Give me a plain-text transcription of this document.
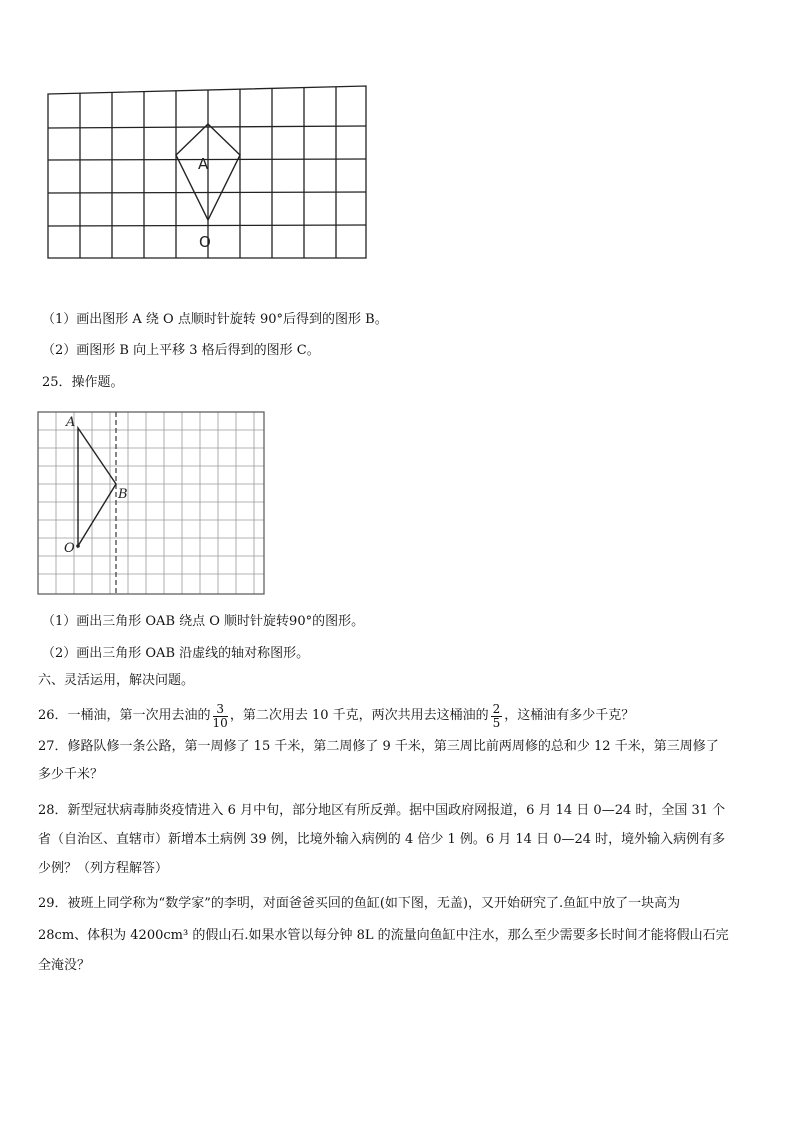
A
O
（1）画出图形 A 绕 O 点顺时针旋转 90°后得到的图形 B。
（2）画图形 B 向上平移 3 格后得到的图形 C。
25．操作题。
A
B
O
（1）画出三角形 OAB 绕点 O 顺时针旋转90°的图形。
（2）画出三角形 OAB 沿虚线的轴对称图形。
六、灵活运用，解决问题。
26．一桶油，第一次用去油的 $\frac{3}{10}$ ，第二次用去 10 千克，两次共用去这桶油的 $\frac{2}{5}$ ，这桶油有多少千克？
27．修路队修一条公路，第一周修了 15 千米，第二周修了 9 千米，第三周比前两周修的总和少 12 千米，第三周修了
多少千米？
28．新型冠状病毒肺炎疫情进入 6 月中旬，部分地区有所反弹。据中国政府网报道，6 月 14 日 0—24 时，全国 31 个
省（自治区、直辖市）新增本土病例 39 例，比境外输入病例的 4 倍少 1 例。6 月 14 日 0—24 时，境外输入病例有多
少例？（列方程解答）
29．被班上同学称为“数学家”的李明，对面爸爸买回的鱼缸(如下图，无盖)，又开始研究了.鱼缸中放了一块高为
28cm、体积为 4200cm³ 的假山石.如果水管以每分钟 8L 的流量向鱼缸中注水，那么至少需要多长时间才能将假山石完
全淹没？
